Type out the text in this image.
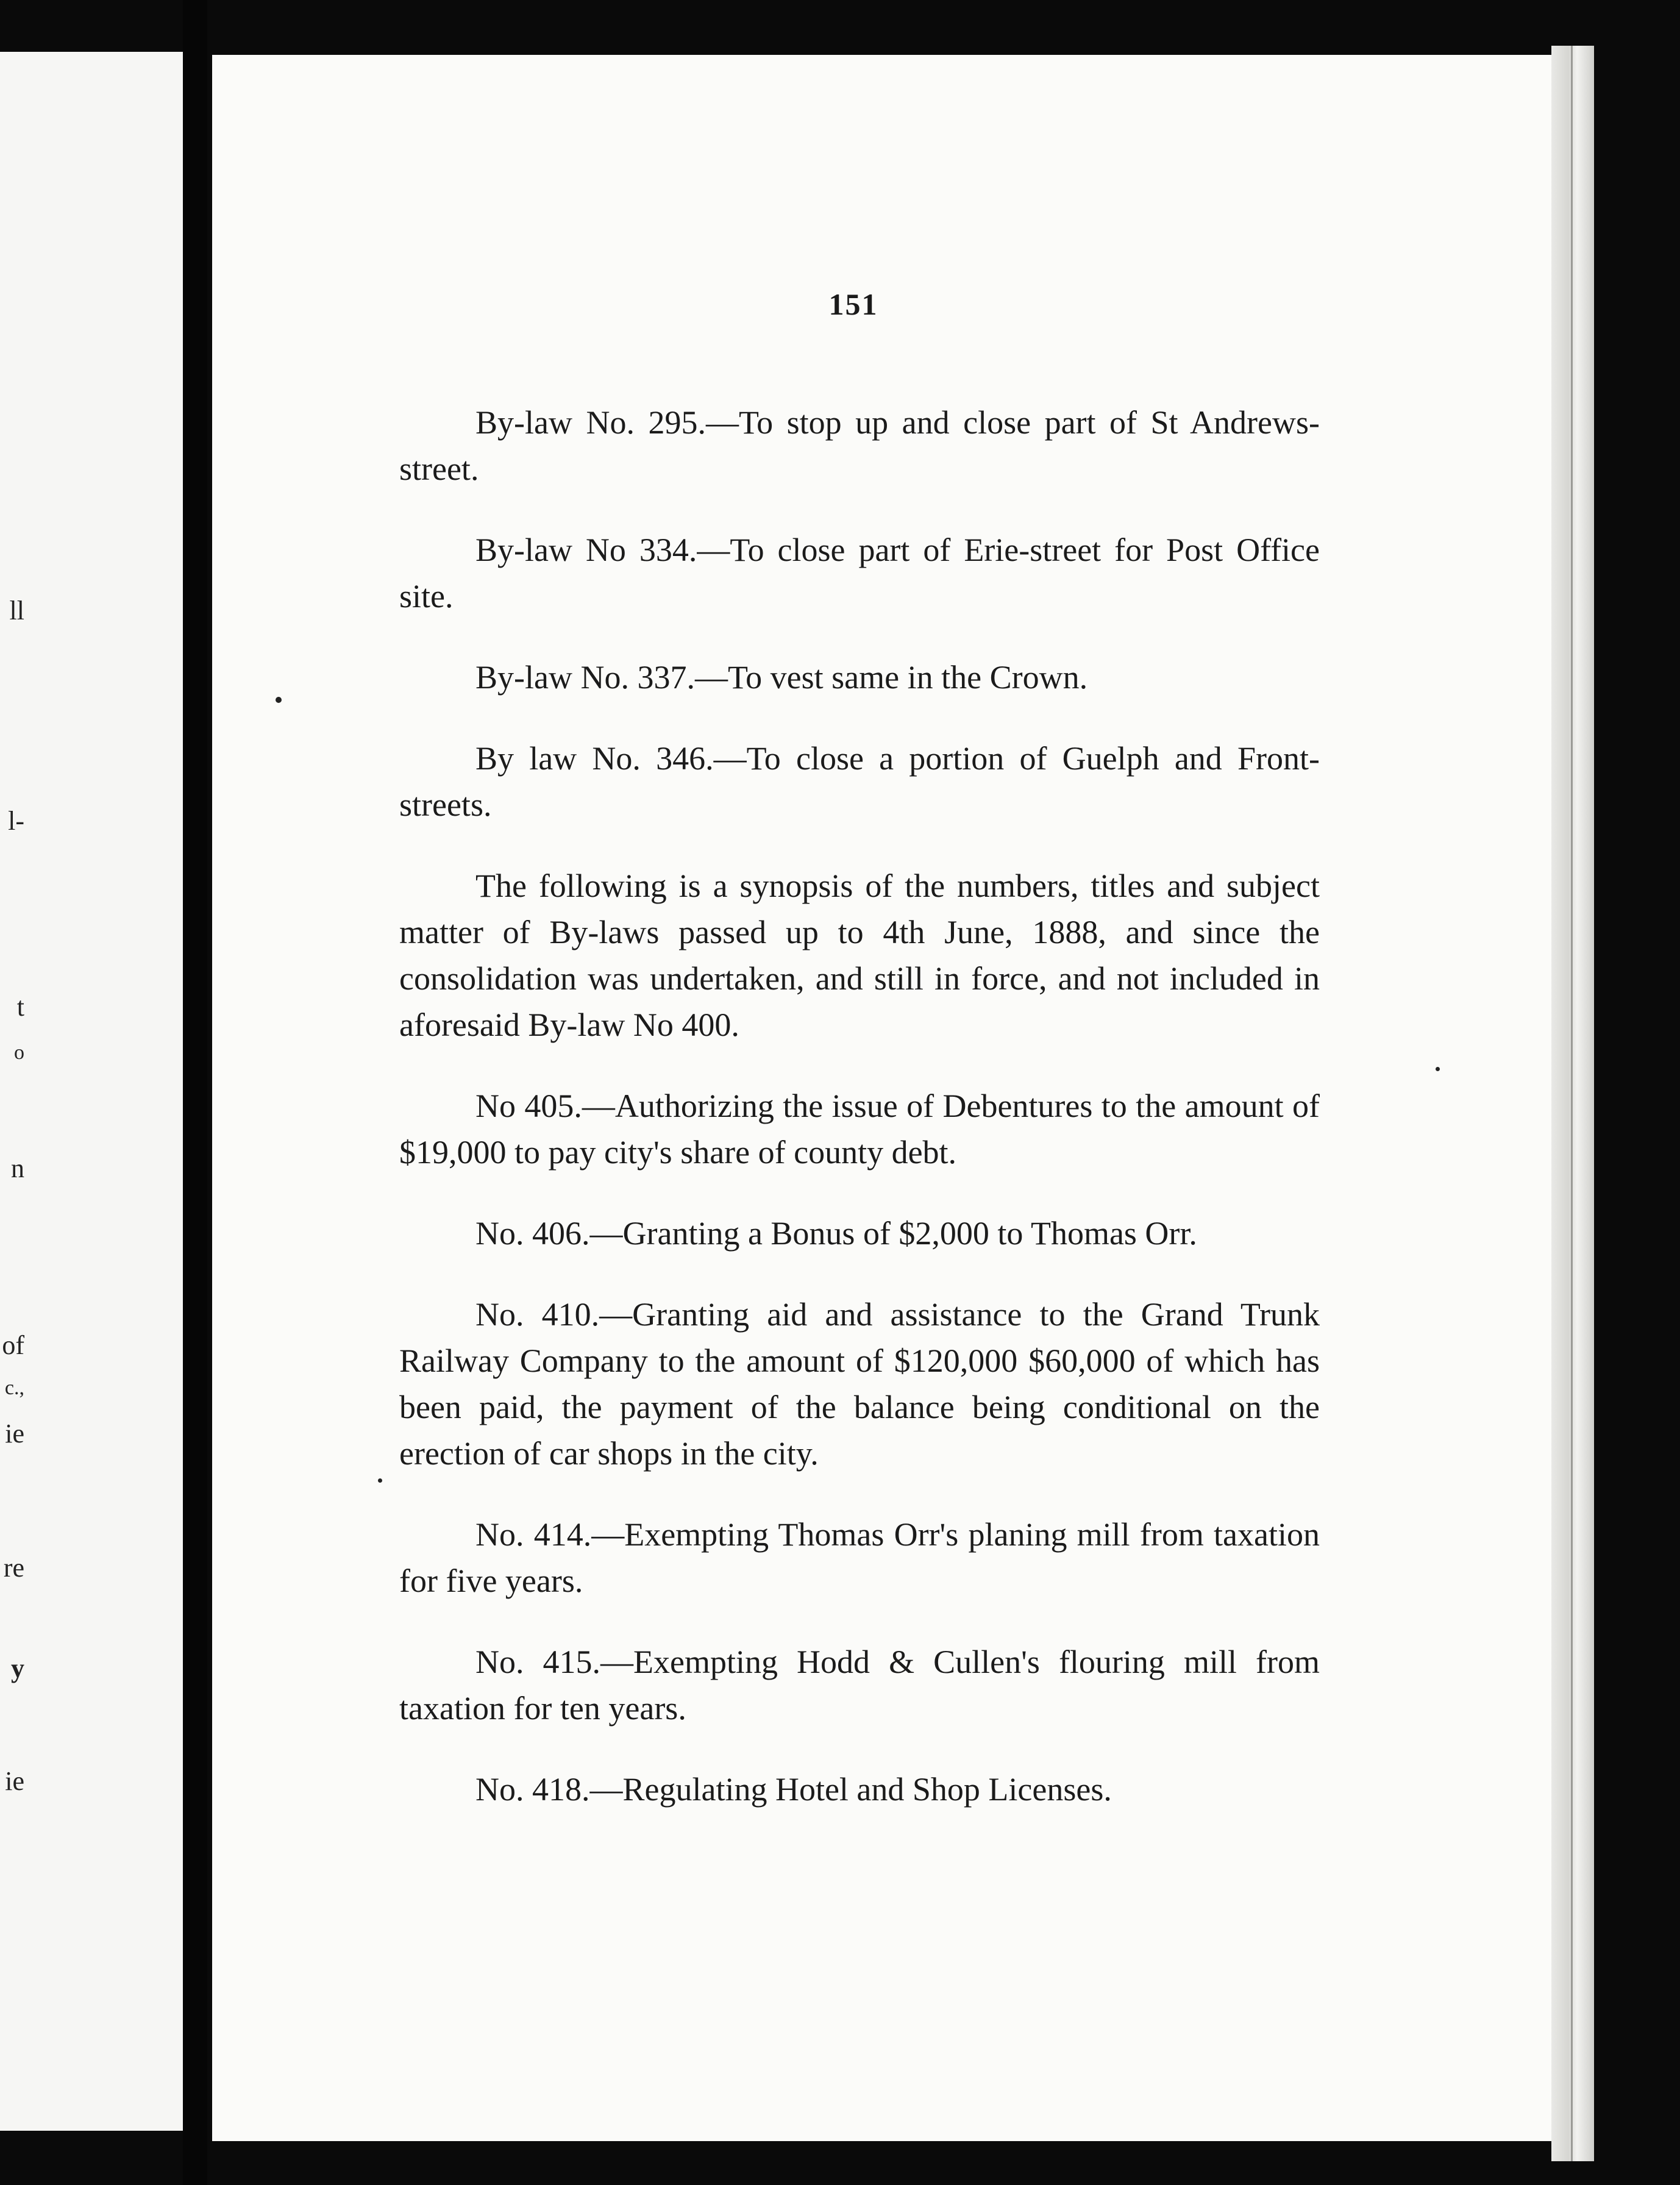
ll
l-
t
o
n
of
c.,
ie
re
y
ie
151

By-law No. 295.—To stop up and close part of St Andrews-street.

By-law No 334.—To close part of Erie-street for Post Office site.

By-law No. 337.—To vest same in the Crown.

By law No. 346.—To close a portion of Guelph and Front-streets.

The following is a synopsis of the numbers, titles and subject matter of By-laws passed up to 4th June, 1888, and since the consolidation was undertaken, and still in force, and not included in aforesaid By-law No 400.

No 405.—Authorizing the issue of Debentures to the amount of $19,000 to pay city's share of county debt.

No. 406.—Granting a Bonus of $2,000 to Thomas Orr.

No. 410.—Granting aid and assistance to the Grand Trunk Railway Company to the amount of $120,000 $60,000 of which has been paid, the payment of the balance being conditional on the erection of car shops in the city.

No. 414.—Exempting Thomas Orr's planing mill from taxation for five years.

No. 415.—Exempting Hodd & Cullen's flouring mill from taxation for ten years.

No. 418.—Regulating Hotel and Shop Licenses.
